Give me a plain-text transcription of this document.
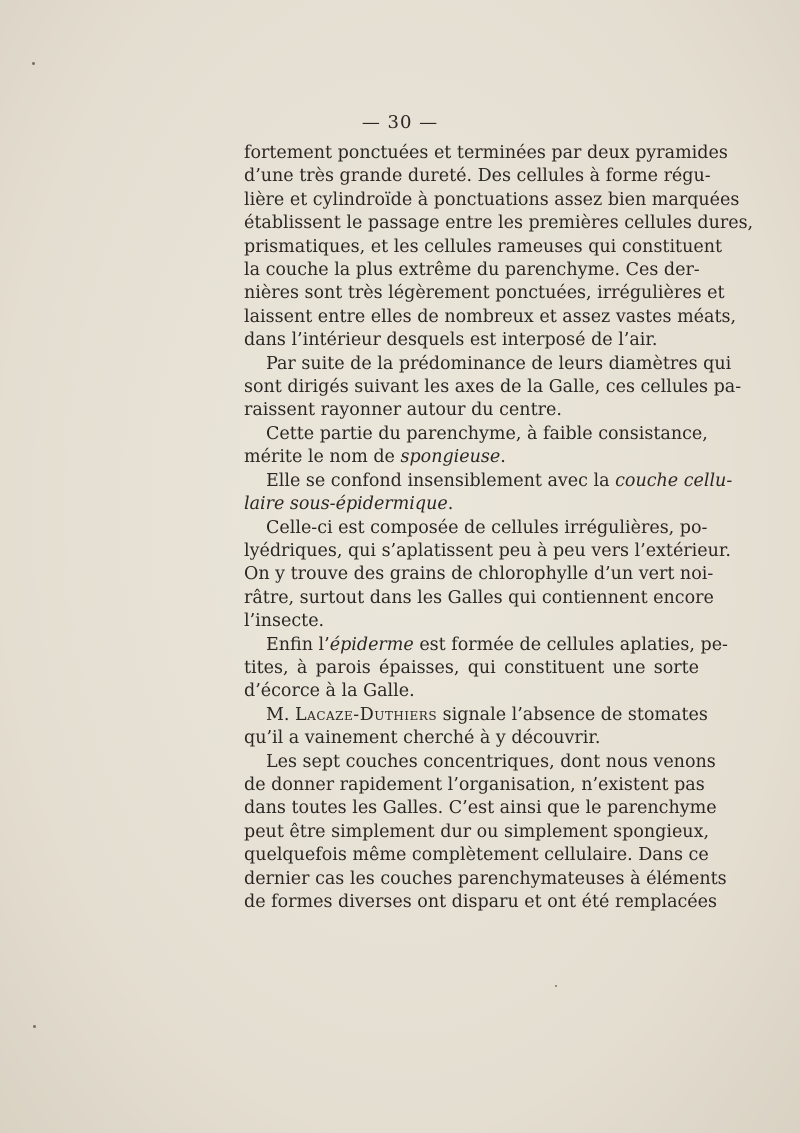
— 30 —
fortement ponctuées et terminées par deux pyramides
d’une très grande dureté. Des cellules à forme régu-
lière et cylindroïde à ponctuations assez bien marquées
établissent le passage entre les premières cellules dures,
prismatiques, et les cellules rameuses qui constituent
la couche la plus extrême du parenchyme. Ces der-
nières sont très légèrement ponctuées, irrégulières et
laissent entre elles de nombreux et assez vastes méats,
dans l’intérieur desquels est interposé de l’air.
Par suite de la prédominance de leurs diamètres qui
sont dirigés suivant les axes de la Galle, ces cellules pa-
raissent rayonner autour du centre.
Cette partie du parenchyme, à faible consistance,
mérite le nom de spongieuse.
Elle se confond insensiblement avec la couche cellu-
laire sous-épidermique.
Celle-ci est composée de cellules irrégulières, po-
lyédriques, qui s’aplatissent peu à peu vers l’extérieur.
On y trouve des grains de chlorophylle d’un vert noi-
râtre, surtout dans les Galles qui contiennent encore
l’insecte.
Enfin l’épiderme est formée de cellules aplaties, pe-
tites, à parois épaisses, qui constituent une sorte
d’écorce à la Galle.
M. Lacaze-Duthiers signale l’absence de stomates
qu’il a vainement cherché à y découvrir.
Les sept couches concentriques, dont nous venons
de donner rapidement l’organisation, n’existent pas
dans toutes les Galles. C’est ainsi que le parenchyme
peut être simplement dur ou simplement spongieux,
quelquefois même complètement cellulaire. Dans ce
dernier cas les couches parenchymateuses à éléments
de formes diverses ont disparu et ont été remplacées
